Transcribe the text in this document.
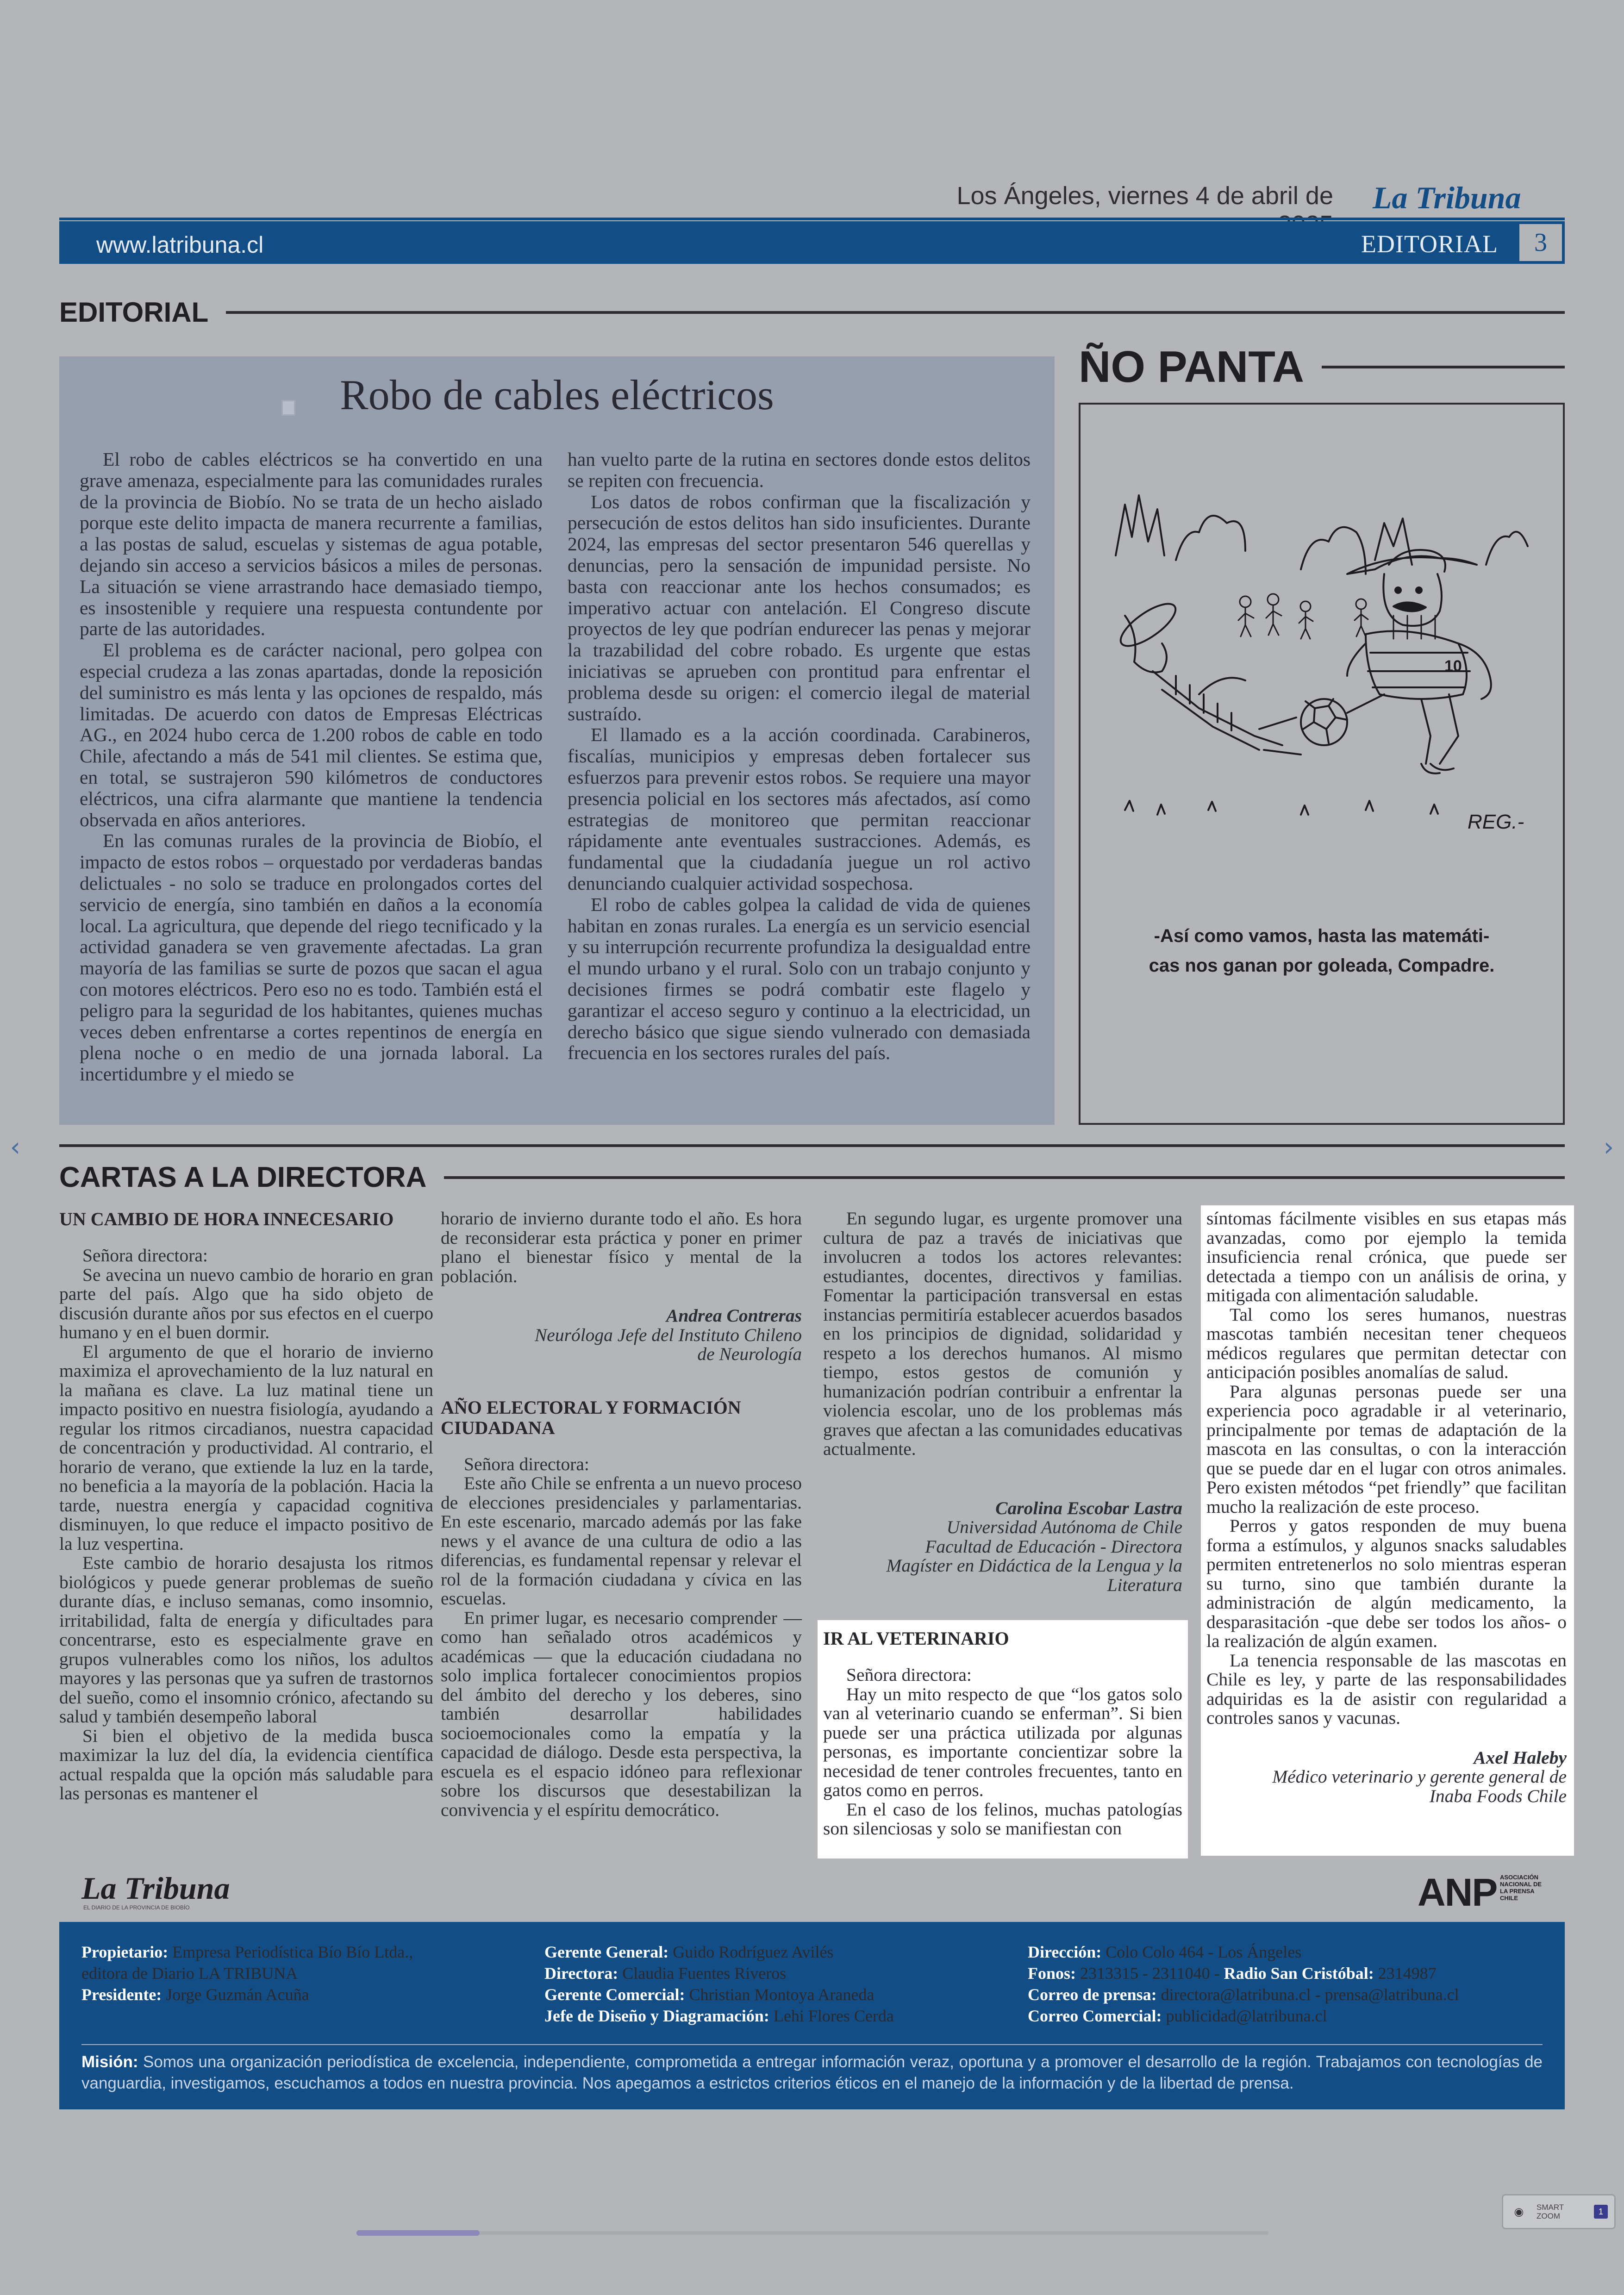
Los Ángeles, viernes 4 de abril de La Tribuna
www.latribuna.cl	EDITORIAL	3
EDITORIAL
Robo de cables eléctricos

El robo de cables eléctricos se ha convertido en una grave amenaza, especialmente para las comunidades rurales de la provincia de Biobío. No se trata de un hecho aislado porque este delito impacta de manera recurrente a familias, a las postas de salud, escuelas y sistemas de agua potable, dejando sin acceso a servicios básicos a miles de personas. La situación se viene arrastrando hace demasiado tiempo, es insostenible y requiere una respuesta contundente por parte de las autoridades.

El problema es de carácter nacional, pero golpea con especial crudeza a las zonas apartadas, donde la reposición del suministro es más lenta y las opciones de respaldo, más limitadas. De acuerdo con datos de Empresas Eléctricas AG., en 2024 hubo cerca de 1.200 robos de cable en todo Chile, afectando a más de 541 mil clientes. Se estima que, en total, se sustrajeron 590 kilómetros de conductores eléctricos, una cifra alarmante que mantiene la tendencia observada en años anteriores.

En las comunas rurales de la provincia de Biobío, el impacto de estos robos – orquestado por verdaderas bandas delictuales - no solo se traduce en prolongados cortes del servicio de energía, sino también en daños a la economía local. La agricultura, que depende del riego tecnificado y la actividad ganadera se ven gravemente afectadas. La gran mayoría de las familias se surte de pozos que sacan el agua con motores eléctricos. Pero eso no es todo. También está el peligro para la seguridad de los habitantes, quienes muchas veces deben enfrentarse a cortes repentinos de energía en plena noche o en medio de una jornada laboral. La incertidumbre y el miedo se

han vuelto parte de la rutina en sectores donde estos delitos se repiten con frecuencia.

Los datos de robos confirman que la fiscalización y persecución de estos delitos han sido insuficientes. Durante 2024, las empresas del sector presentaron 546 querellas y denuncias, pero la sensación de impunidad persiste. No basta con reaccionar ante los hechos consumados; es imperativo actuar con antelación. El Congreso discute proyectos de ley que podrían endurecer las penas y mejorar la trazabilidad del cobre robado. Es urgente que estas iniciativas se aprueben con prontitud para enfrentar el problema desde su origen: el comercio ilegal de material sustraído.

El llamado es a la acción coordinada. Carabineros, fiscalías, municipios y empresas deben fortalecer sus esfuerzos para prevenir estos robos. Se requiere una mayor presencia policial en los sectores más afectados, así como estrategias de monitoreo que permitan reaccionar rápidamente ante eventuales sustracciones. Además, es fundamental que la ciudadanía juegue un rol activo denunciando cualquier actividad sospechosa.

El robo de cables golpea la calidad de vida de quienes habitan en zonas rurales. La energía es un servicio esencial y su interrupción recurrente profundiza la desigualdad entre el mundo urbano y el rural. Solo con un trabajo conjunto y decisiones firmes se podrá combatir este flagelo y garantizar el acceso seguro y continuo a la electricidad, un derecho básico que sigue siendo vulnerado con demasiada frecuencia en los sectores rurales del país.

ÑO PANTA
10
REG.-
-Así como vamos, hasta las matemáti-
cas nos ganan por goleada, Compadre.
CARTAS A LA DIRECTORA
UN CAMBIO DE HORA INNECESARIO

Señora directora:

Se avecina un nuevo cambio de horario en gran parte del país. Algo que ha sido objeto de discusión durante años por sus efectos en el cuerpo humano y en el buen dormir.

El argumento de que el horario de invierno maximiza el aprovechamiento de la luz natural en la mañana es clave. La luz matinal tiene un impacto positivo en nuestra fisiología, ayudando a regular los ritmos circadianos, nuestra capacidad de concentración y productividad. Al contrario, el horario de verano, que extiende la luz en la tarde, no beneficia a la mayoría de la población. Hacia la tarde, nuestra energía y capacidad cognitiva disminuyen, lo que reduce el impacto positivo de la luz vespertina.

Este cambio de horario desajusta los ritmos biológicos y puede generar problemas de sueño durante días, e incluso semanas, como insomnio, irritabilidad, falta de energía y dificultades para concentrarse, esto es especialmente grave en grupos vulnerables como los niños, los adultos mayores y las personas que ya sufren de trastornos del sueño, como el insomnio crónico, afectando su salud y también desempeño laboral

Si bien el objetivo de la medida busca maximizar la luz del día, la evidencia científica actual respalda que la opción más saludable para las personas es mantener el

horario de invierno durante todo el año. Es hora de reconsiderar esta práctica y poner en primer plano el bienestar físico y mental de la población.

Andrea Contreras
Neuróloga Jefe del Instituto Chileno
de Neurología
AÑO ELECTORAL Y FORMACIÓN
CIUDADANA

Señora directora:

Este año Chile se enfrenta a un nuevo proceso de elecciones presidenciales y parlamentarias. En este escenario, marcado además por las fake news y el avance de una cultura de odio a las diferencias, es fundamental repensar y relevar el rol de la formación ciudadana y cívica en las escuelas.

En primer lugar, es necesario comprender — como han señalado otros académicos y académicas — que la educación ciudadana no solo implica fortalecer conocimientos propios del ámbito del derecho y los deberes, sino también desarrollar habilidades socioemocionales como la empatía y la capacidad de diálogo. Desde esta perspectiva, la escuela es el espacio idóneo para reflexionar sobre los discursos que desestabilizan la convivencia y el espíritu democrático.

En segundo lugar, es urgente promover una cultura de paz a través de iniciativas que involucren a todos los actores relevantes: estudiantes, docentes, directivos y familias. Fomentar la participación transversal en estas instancias permitiría establecer acuerdos basados en los principios de dignidad, solidaridad y respeto a los derechos humanos. Al mismo tiempo, estos gestos de comunión y humanización podrían contribuir a enfrentar la violencia escolar, uno de los problemas más graves que afectan a las comunidades educativas actualmente.

Carolina Escobar Lastra
Universidad Autónoma de Chile
Facultad de Educación - Directora
Magíster en Didáctica de la Lengua y la
Literatura
IR AL VETERINARIO

Señora directora:

Hay un mito respecto de que “los gatos solo van al veterinario cuando se enferman”. Si bien puede ser una práctica utilizada por algunas personas, es importante concientizar sobre la necesidad de tener controles frecuentes, tanto en gatos como en perros.

En el caso de los felinos, muchas patologías son silenciosas y solo se manifiestan con

síntomas fácilmente visibles en sus etapas más avanzadas, como por ejemplo la temida insuficiencia renal crónica, que puede ser detectada a tiempo con un análisis de orina, y mitigada con alimentación saludable.

Tal como los seres humanos, nuestras mascotas también necesitan tener chequeos médicos regulares que permitan detectar con anticipación posibles anomalías de salud.

Para algunas personas puede ser una experiencia poco agradable ir al veterinario, principalmente por temas de adaptación de la mascota en las consultas, o con la interacción que se puede dar en el lugar con otros animales. Pero existen métodos “pet friendly” que facilitan mucho la realización de este proceso.

Perros y gatos responden de muy buena forma a estímulos, y algunos snacks saludables permiten entretenerlos no solo mientras esperan su turno, sino que también durante la administración de algún medicamento, la desparasitación -que debe ser todos los años- o la realización de algún examen.

La tenencia responsable de las mascotas en Chile es ley, y parte de las responsabilidades adquiridas es la de asistir con regularidad a controles sanos y vacunas.

Axel Haleby
Médico veterinario y gerente general de
Inaba Foods Chile
La Tribuna
EL DIARIO DE LA PROVINCIA DE BIOBÍO	ANP ASOCIACIÓN NACIONAL DE LA PRENSA CHILE
Propietario: Empresa Periodística Bío Bío Ltda.,
editora de Diario LA TRIBUNA
Presidente: Jorge Guzmán Acuña
Gerente General: Guido Rodríguez Avilés
Directora: Claudia Fuentes Riveros
Gerente Comercial: Christian Montoya Araneda
Jefe de Diseño y Diagramación: Lehi Flores Cerda
Dirección: Colo Colo 464 - Los Ángeles
Fonos: 2313315 - 2311040 - Radio San Cristóbal: 2314987
Correo de prensa: directora@latribuna.cl - prensa@latribuna.cl
Correo Comercial: publicidad@latribuna.cl
Misión: Somos una organización periodística de excelencia, independiente, comprometida a entregar información veraz, oportuna y a promover el desarrollo de la región. Trabajamos con tecnologías de vanguardia, investigamos, escuchamos a todos en nuestra provincia. Nos apegamos a estrictos criterios éticos en el manejo de la información y de la libertad de prensa.
‹	›
◉	SMART
ZOOM	1
